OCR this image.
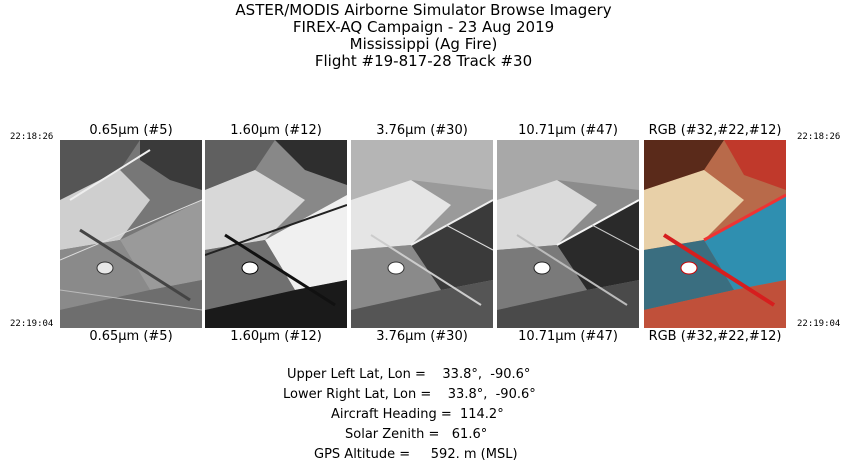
ASTER/MODIS Airborne Simulator Browse Imagery
FIREX-AQ Campaign - 23 Aug 2019
Mississippi (Ag Fire)
Flight #19-817-28 Track #30
22:18:26
22:19:04
22:18:26
22:19:04
0.65μm (#5)	1.60μm (#12)	3.76μm (#30)	10.71μm (#47)	RGB (#32,#22,#12)
0.65μm (#5)	1.60μm (#12)	3.76μm (#30)	10.71μm (#47)	RGB (#32,#22,#12)
Upper Left Lat, Lon =    33.8°,  -90.6°
Lower Right Lat, Lon =    33.8°,  -90.6°
Aircraft Heading =  114.2°
Solar Zenith =   61.6°
GPS Altitude =     592. m (MSL)
